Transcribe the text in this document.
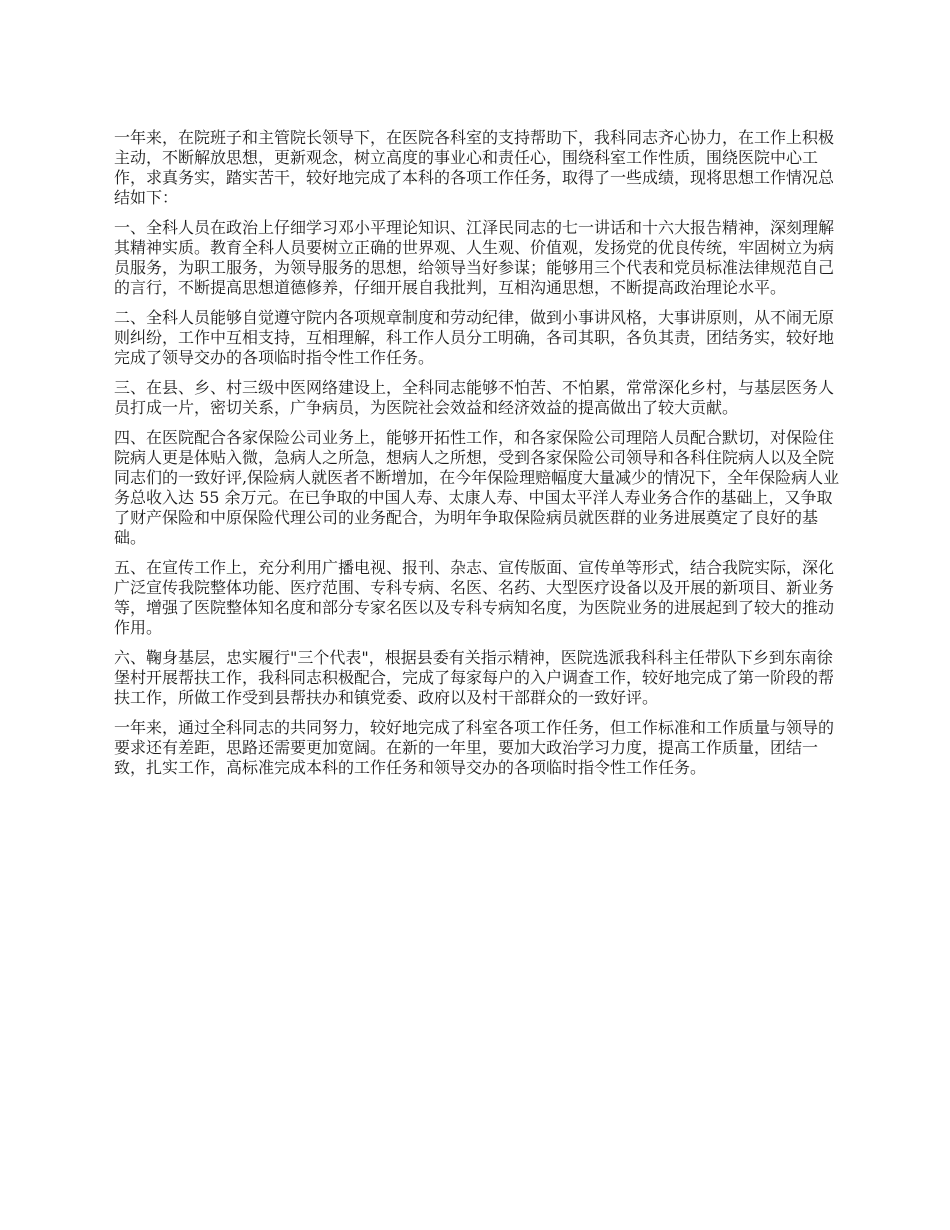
一年来，在院班子和主管院长领导下，在医院各科室的支持帮助下，我科同志齐心协力，在工作上积极主动，不断解放思想，更新观念，树立高度的事业心和责任心，围绕科室工作性质，围绕医院中心工作，求真务实，踏实苦干，较好地完成了本科的各项工作任务，取得了一些成绩，现将思想工作情况总结如下：

一、全科人员在政治上仔细学习邓小平理论知识、江泽民同志的七一讲话和十六大报告精神，深刻理解其精神实质。教育全科人员要树立正确的世界观、人生观、价值观，发扬党的优良传统，牢固树立为病员服务，为职工服务，为领导服务的思想，给领导当好参谋；能够用三个代表和党员标准法律规范自己的言行，不断提高思想道德修养，仔细开展自我批判，互相沟通思想，不断提高政治理论水平。

二、全科人员能够自觉遵守院内各项规章制度和劳动纪律，做到小事讲风格，大事讲原则，从不闹无原则纠纷，工作中互相支持，互相理解，科工作人员分工明确，各司其职，各负其责，团结务实，较好地完成了领导交办的各项临时指令性工作任务。

三、在县、乡、村三级中医网络建设上，全科同志能够不怕苦、不怕累，常常深化乡村，与基层医务人员打成一片，密切关系，广争病员，为医院社会效益和经济效益的提高做出了较大贡献。

四、在医院配合各家保险公司业务上，能够开拓性工作，和各家保险公司理陪人员配合默切，对保险住院病人更是体贴入微，急病人之所急，想病人之所想，受到各家保险公司领导和各科住院病人以及全院同志们的一致好评,保险病人就医者不断增加，在今年保险理赔幅度大量减少的情况下，全年保险病人业务总收入达 55 余万元。在已争取的中国人寿、太康人寿、中国太平洋人寿业务合作的基础上，又争取了财产保险和中原保险代理公司的业务配合，为明年争取保险病员就医群的业务进展奠定了良好的基础。

五、在宣传工作上，充分利用广播电视、报刊、杂志、宣传版面、宣传单等形式，结合我院实际，深化广泛宣传我院整体功能、医疗范围、专科专病、名医、名药、大型医疗设备以及开展的新项目、新业务等，增强了医院整体知名度和部分专家名医以及专科专病知名度，为医院业务的进展起到了较大的推动作用。

六、鞠身基层，忠实履行"三个代表"，根据县委有关指示精神，医院选派我科科主任带队下乡到东南徐堡村开展帮扶工作，我科同志积极配合，完成了每家每户的入户调查工作，较好地完成了第一阶段的帮扶工作，所做工作受到县帮扶办和镇党委、政府以及村干部群众的一致好评。

一年来，通过全科同志的共同努力，较好地完成了科室各项工作任务，但工作标准和工作质量与领导的要求还有差距，思路还需要更加宽阔。在新的一年里，要加大政治学习力度，提高工作质量，团结一致，扎实工作，高标准完成本科的工作任务和领导交办的各项临时指令性工作任务。
